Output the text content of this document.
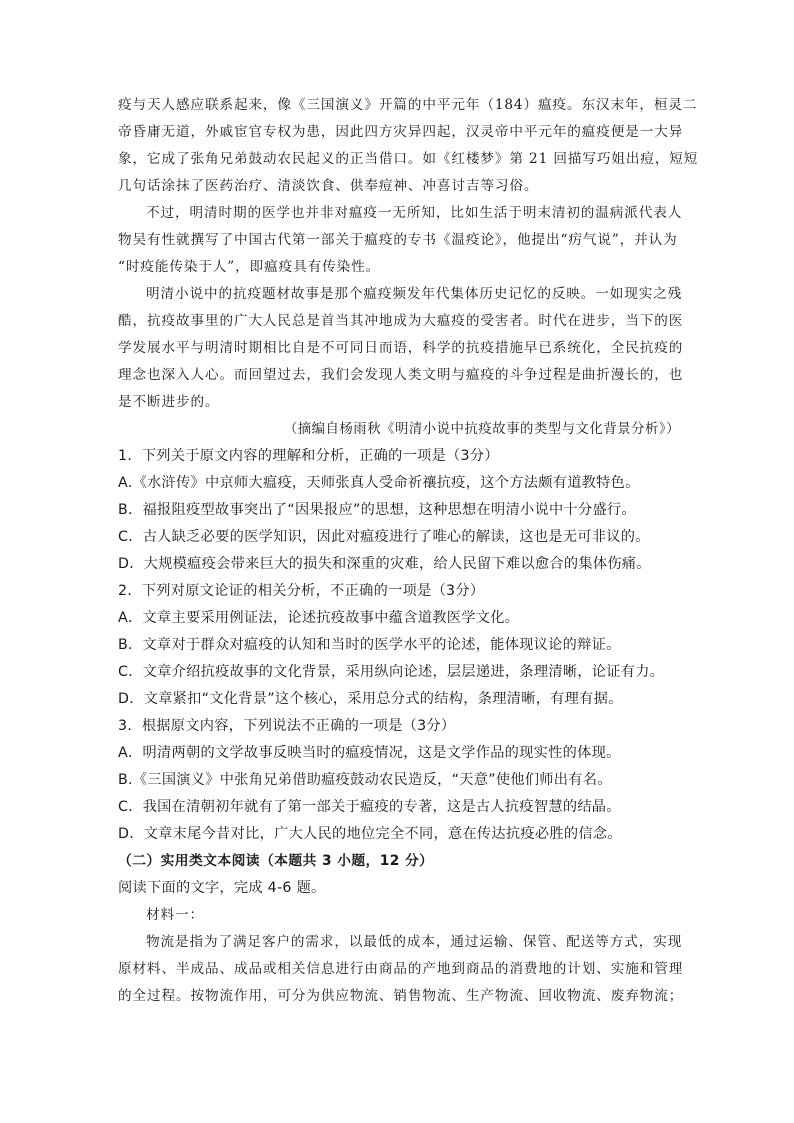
疫与天人感应联系起来，像《三国演义》开篇的中平元年（184）瘟疫。东汉末年，桓灵二
帝昏庸无道，外戚宦官专权为患，因此四方灾异四起，汉灵帝中平元年的瘟疫便是一大异
象，它成了张角兄弟鼓动农民起义的正当借口。如《红楼梦》第 21 回描写巧姐出痘，短短
几句话涂抹了医药治疗、清淡饮食、供奉痘神、冲喜讨吉等习俗。
不过，明清时期的医学也并非对瘟疫一无所知，比如生活于明末清初的温病派代表人
物吴有性就撰写了中国古代第一部关于瘟疫的专书《温疫论》，他提出“疠气说”，并认为
“时疫能传染于人”，即瘟疫具有传染性。
明清小说中的抗疫题材故事是那个瘟疫频发年代集体历史记忆的反映。一如现实之残
酷，抗疫故事里的广大人民总是首当其冲地成为大瘟疫的受害者。时代在进步，当下的医
学发展水平与明清时期相比自是不可同日而语，科学的抗疫措施早已系统化，全民抗疫的
理念也深入人心。而回望过去，我们会发现人类文明与瘟疫的斗争过程是曲折漫长的，也
是不断进步的。
（摘编自杨雨秋《明清小说中抗疫故事的类型与文化背景分析》）
1．下列关于原文内容的理解和分析，正确的一项是（3分）
A.《水浒传》中京师大瘟疫，天师张真人受命祈禳抗疫，这个方法颇有道教特色。
B．福报阻疫型故事突出了“因果报应”的思想，这种思想在明清小说中十分盛行。
C．古人缺乏必要的医学知识，因此对瘟疫进行了唯心的解读，这也是无可非议的。
D．大规模瘟疫会带来巨大的损失和深重的灾难，给人民留下难以愈合的集体伤痛。
2．下列对原文论证的相关分析，不正确的一项是（3分）
A．文章主要采用例证法，论述抗疫故事中蕴含道教医学文化。
B．文章对于群众对瘟疫的认知和当时的医学水平的论述，能体现议论的辩证。
C．文章介绍抗疫故事的文化背景，采用纵向论述，层层递进，条理清晰，论证有力。
D．文章紧扣“文化背景”这个核心，采用总分式的结构，条理清晰，有理有据。
3．根据原文内容，下列说法不正确的一项是（3分）
A．明清两朝的文学故事反映当时的瘟疫情况，这是文学作品的现实性的体现。
B.《三国演义》中张角兄弟借助瘟疫鼓动农民造反，“天意”使他们师出有名。
C．我国在清朝初年就有了第一部关于瘟疫的专著，这是古人抗疫智慧的结晶。
D．文章末尾今昔对比，广大人民的地位完全不同，意在传达抗疫必胜的信念。
（二）实用类文本阅读（本题共 3 小题，12 分）
阅读下面的文字，完成 4-6 题。
材料一：
物流是指为了满足客户的需求，以最低的成本，通过运输、保管、配送等方式，实现
原材料、半成品、成品或相关信息进行由商品的产地到商品的消费地的计划、实施和管理
的全过程。按物流作用，可分为供应物流、销售物流、生产物流、回收物流、废弃物流；
